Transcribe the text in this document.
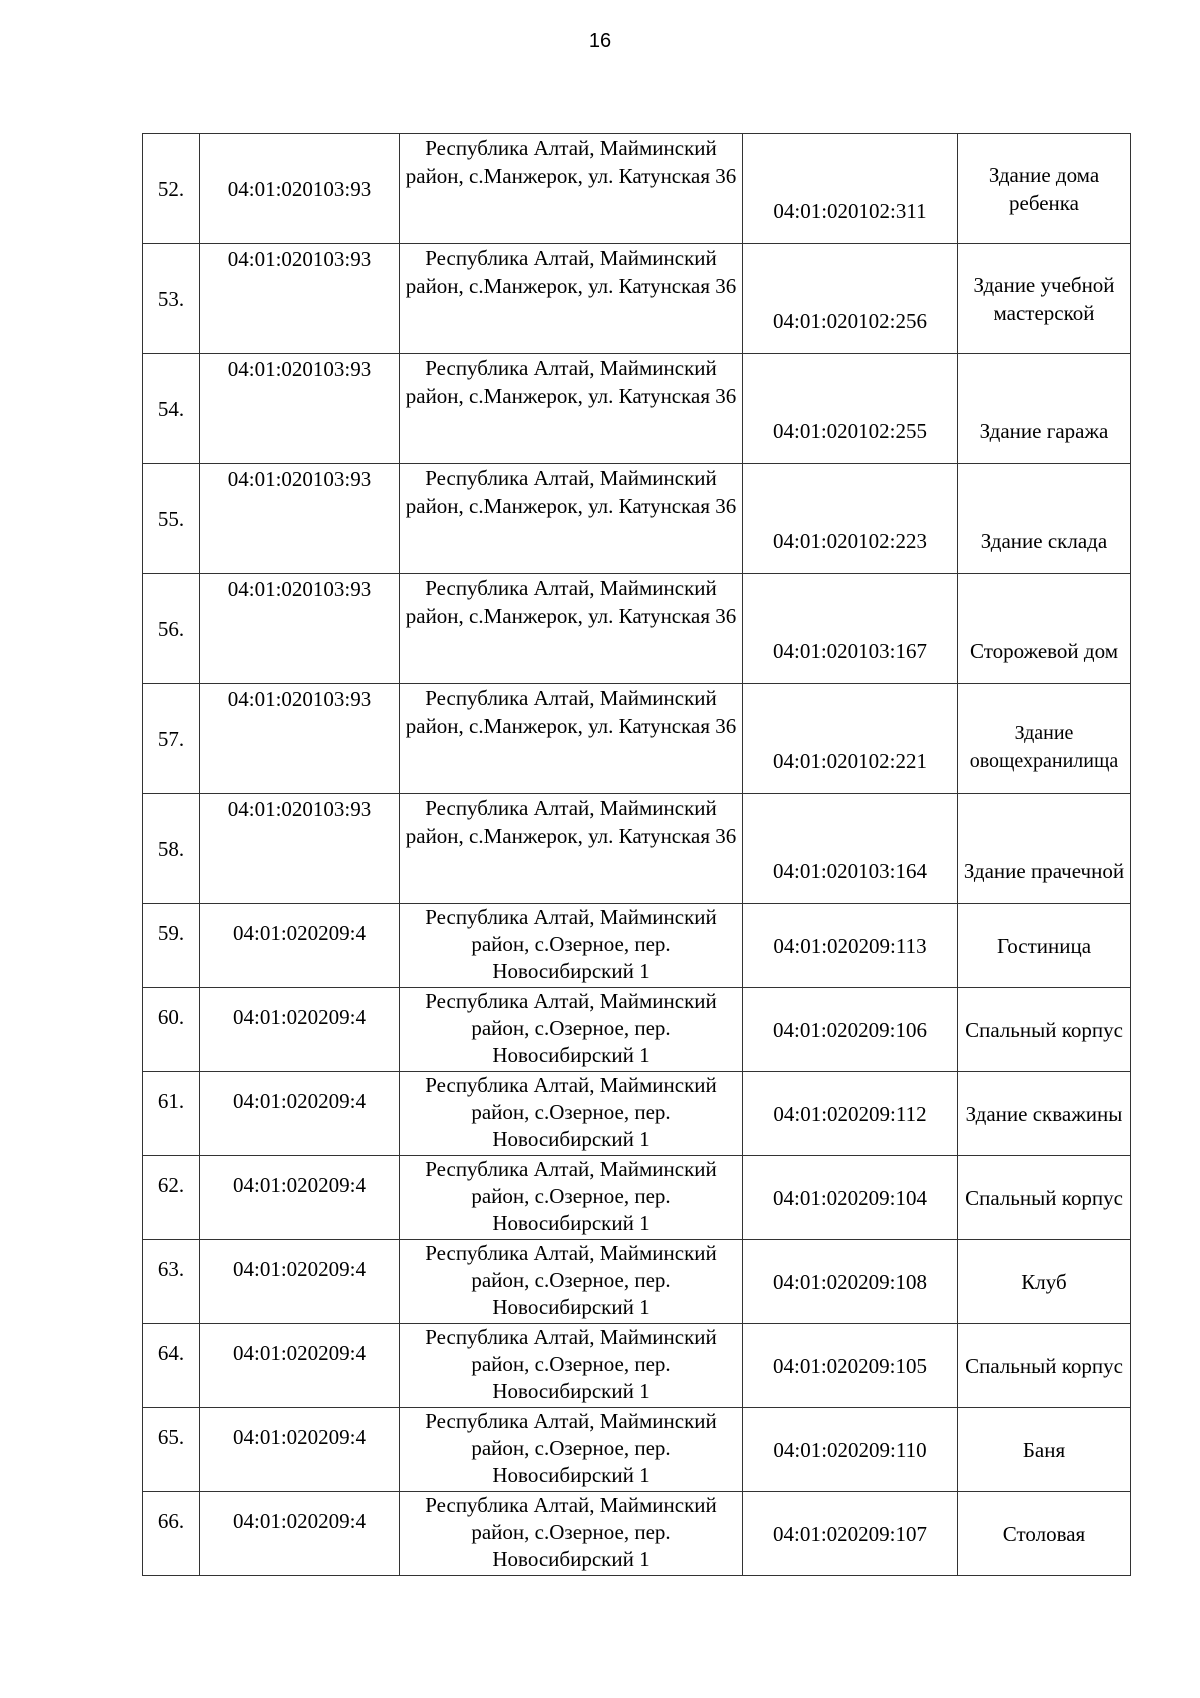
16
52.	04:01:020103:93	Республика Алтай, Майминский район, с.Манжерок, ул. Катунская 36	04:01:020102:311	Здание дома ребенка

53.	04:01:020103:93	Республика Алтай, Майминский район, с.Манжерок, ул. Катунская 36	04:01:020102:256	Здание учебной мастерской

54.	04:01:020103:93	Республика Алтай, Майминский район, с.Манжерок, ул. Катунская 36	04:01:020102:255	Здание гаража

55.	04:01:020103:93	Республика Алтай, Майминский район, с.Манжерок, ул. Катунская 36	04:01:020102:223	Здание склада

56.	04:01:020103:93	Республика Алтай, Майминский район, с.Манжерок, ул. Катунская 36	04:01:020103:167	Сторожевой дом

57.	04:01:020103:93	Республика Алтай, Майминский район, с.Манжерок, ул. Катунская 36	04:01:020102:221	Здание овощехранилища

58.	04:01:020103:93	Республика Алтай, Майминский район, с.Манжерок, ул. Катунская 36	04:01:020103:164	Здание прачечной

59.	04:01:020209:4	Республика Алтай, Майминский район, с.Озерное, пер. Новосибирский 1	04:01:020209:113	Гостиница

60.	04:01:020209:4	Республика Алтай, Майминский район, с.Озерное, пер. Новосибирский 1	04:01:020209:106	Спальный корпус

61.	04:01:020209:4	Республика Алтай, Майминский район, с.Озерное, пер. Новосибирский 1	04:01:020209:112	Здание скважины

62.	04:01:020209:4	Республика Алтай, Майминский район, с.Озерное, пер. Новосибирский 1	04:01:020209:104	Спальный корпус

63.	04:01:020209:4	Республика Алтай, Майминский район, с.Озерное, пер. Новосибирский 1	04:01:020209:108	Клуб

64.	04:01:020209:4	Республика Алтай, Майминский район, с.Озерное, пер. Новосибирский 1	04:01:020209:105	Спальный корпус

65.	04:01:020209:4	Республика Алтай, Майминский район, с.Озерное, пер. Новосибирский 1	04:01:020209:110	Баня

66.	04:01:020209:4	Республика Алтай, Майминский район, с.Озерное, пер. Новосибирский 1	04:01:020209:107	Столовая
